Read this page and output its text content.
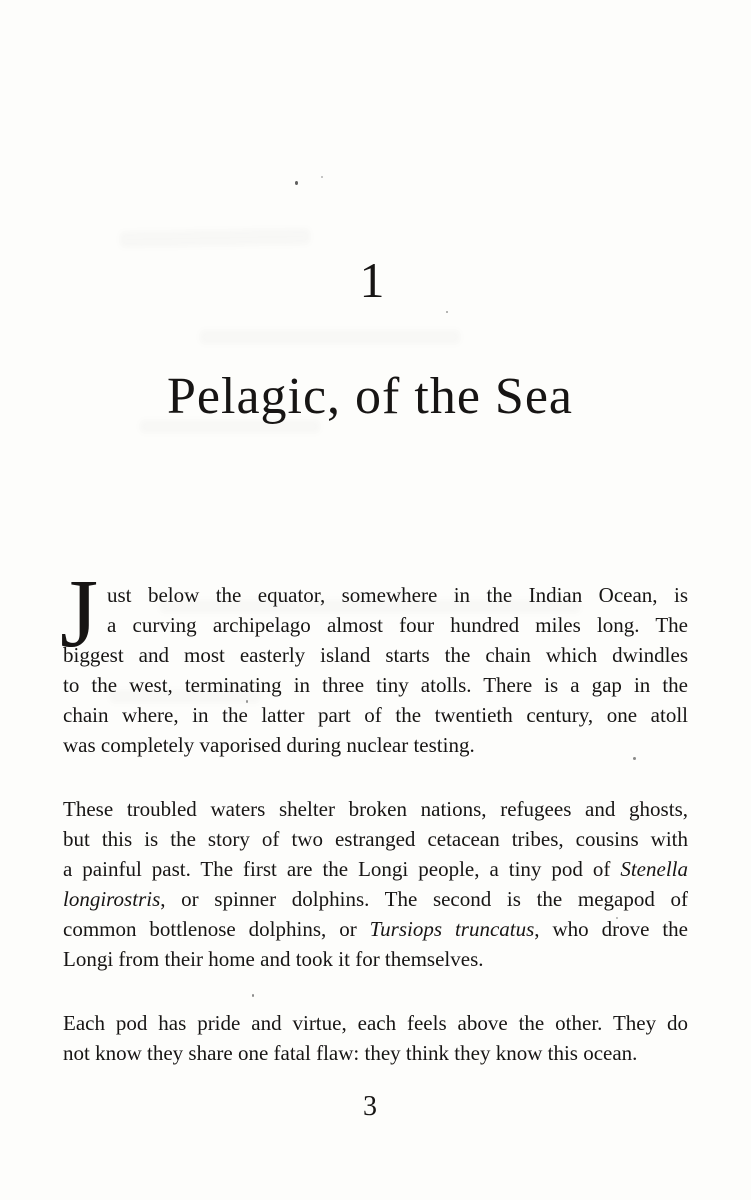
1
Pelagic, of the Sea
J ust below the equator, somewhere in the Indian Ocean, is
a curving archipelago almost four hundred miles long. The
biggest and most easterly island starts the chain which dwindles
to the west, terminating in three tiny atolls. There is a gap in the
chain where, in the latter part of the twentieth century, one atoll
was completely vaporised during nuclear testing.
These troubled waters shelter broken nations, refugees and ghosts,
but this is the story of two estranged cetacean tribes, cousins with
a painful past. The first are the Longi people, a tiny pod of Stenella
longirostris, or spinner dolphins. The second is the megapod of
common bottlenose dolphins, or Tursiops truncatus, who drove the
Longi from their home and took it for themselves.
Each pod has pride and virtue, each feels above the other. They do
not know they share one fatal flaw: they think they know this ocean.
3
